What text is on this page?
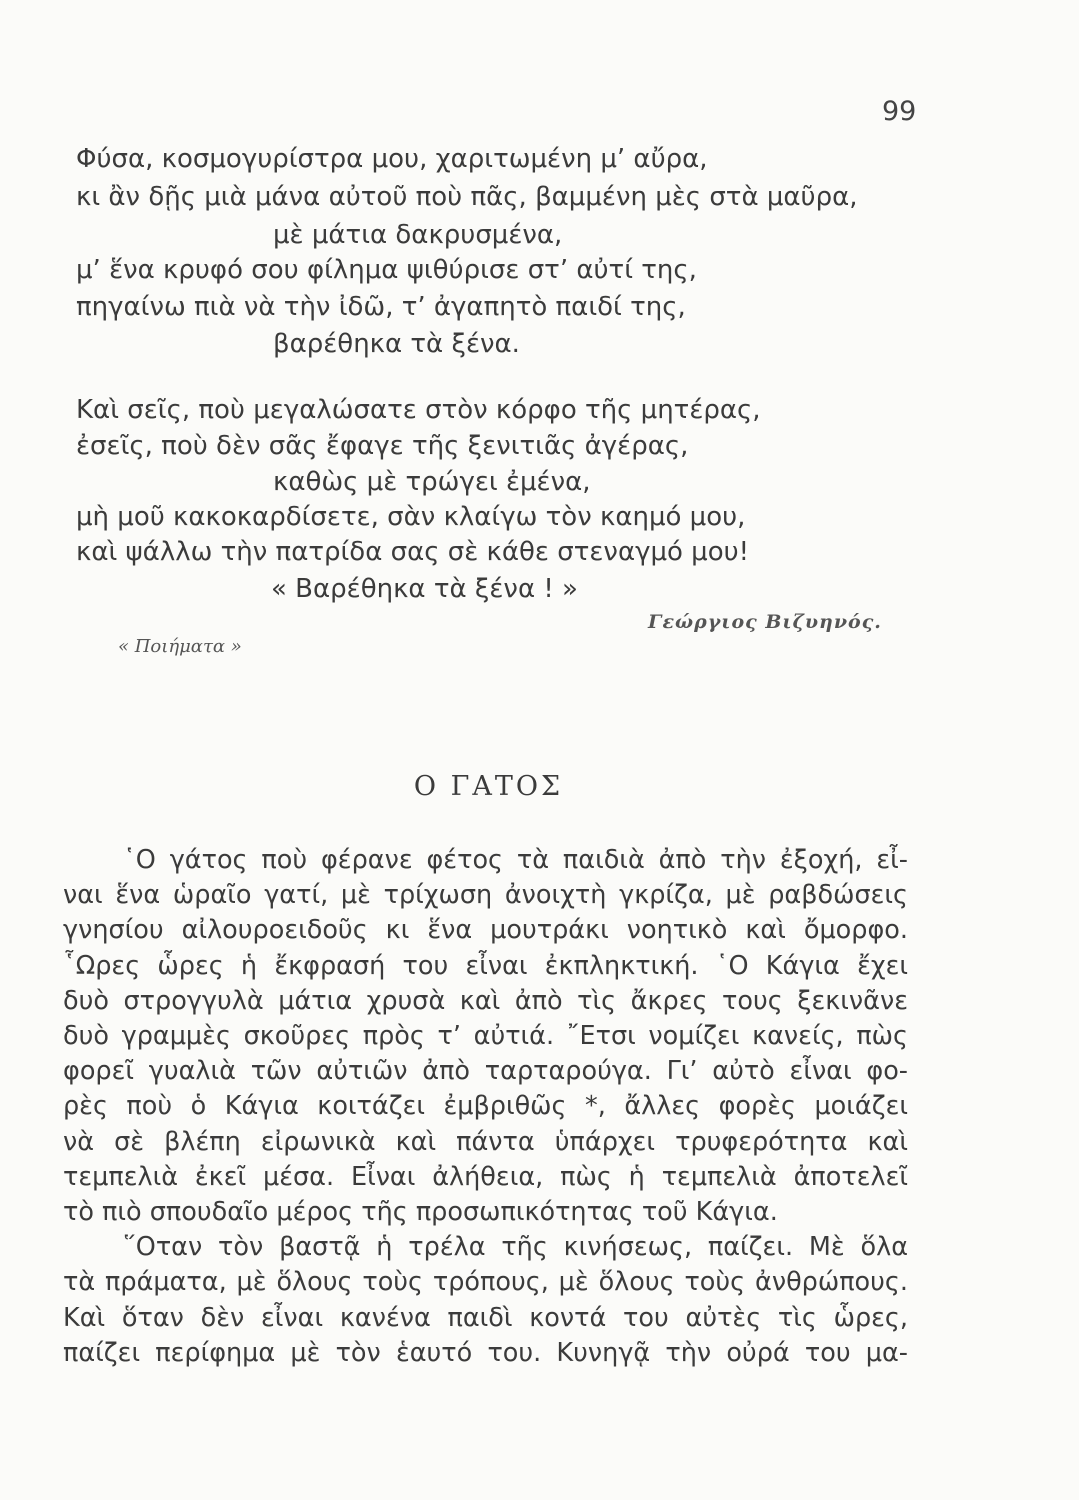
99
Φύσα, κοσμογυρίστρα μου, χαριτωμένη μ’ αὔρα,
κι ἂν δῇς μιὰ μάνα αὐτοῦ ποὺ πᾶς, βαμμένη μὲς στὰ μαῦρα,
μὲ μάτια δακρυσμένα,
μ’ ἕνα κρυφό σου φίλημα ψιθύρισε στ’ αὐτί της,
πηγαίνω πιὰ νὰ τὴν ἰδῶ, τ’ ἀγαπητὸ παιδί της,
βαρέθηκα τὰ ξένα.
Καὶ σεῖς, ποὺ μεγαλώσατε στὸν κόρφο τῆς μητέρας,
ἐσεῖς, ποὺ δὲν σᾶς ἔφαγε τῆς ξενιτιᾶς ἀγέρας,
καθὼς μὲ τρώγει ἐμένα,
μὴ μοῦ κακοκαρδίσετε, σὰν κλαίγω τὸν καημό μου,
καὶ ψάλλω τὴν πατρίδα σας σὲ κάθε στεναγμό μου!
« Βαρέθηκα τὰ ξένα ! »
Γεώργιος Βιζυηνός.
« Ποιήματα »
Ο ΓΑΤΟΣ
῾Ο γάτος ποὺ φέρανε φέτος τὰ παιδιὰ ἀπὸ τὴν ἐξοχή, εἶ-
ναι ἕνα ὡραῖο γατί, μὲ τρίχωση ἀνοιχτὴ γκρίζα, μὲ ραβδώσεις
γνησίου αἰλουροειδοῦς κι ἕνα μουτράκι νοητικὸ καὶ ὄμορφο.
῟Ωρες ὧρες ἡ ἔκφρασή του εἶναι ἐκπληκτική. ῾Ο Κάγια ἔχει
δυὸ στρογγυλὰ μάτια χρυσὰ καὶ ἀπὸ τὶς ἄκρες τους ξεκινᾶνε
δυὸ γραμμὲς σκοῦρες πρὸς τ’ αὐτιά. ῎Ετσι νομίζει κανείς, πὼς
φορεῖ γυαλιὰ τῶν αὐτιῶν ἀπὸ ταρταρούγα. Γι’ αὐτὸ εἶναι φο-
ρὲς ποὺ ὁ Κάγια κοιτάζει ἐμβριθῶς *, ἄλλες φορὲς μοιάζει
νὰ σὲ βλέπη εἰρωνικὰ καὶ πάντα ὑπάρχει τρυφερότητα καὶ
τεμπελιὰ ἐκεῖ μέσα. Εἶναι ἀλήθεια, πὼς ἡ τεμπελιὰ ἀποτελεῖ
τὸ πιὸ σπουδαῖο μέρος τῆς προσωπικότητας τοῦ Κάγια.
῞Οταν τὸν βαστᾷ ἡ τρέλα τῆς κινήσεως, παίζει. Μὲ ὅλα
τὰ πράματα, μὲ ὅλους τοὺς τρόπους, μὲ ὅλους τοὺς ἀνθρώπους.
Καὶ ὅταν δὲν εἶναι κανένα παιδὶ κοντά του αὐτὲς τὶς ὧρες,
παίζει περίφημα μὲ τὸν ἑαυτό του. Κυνηγᾷ τὴν οὐρά του μα-
